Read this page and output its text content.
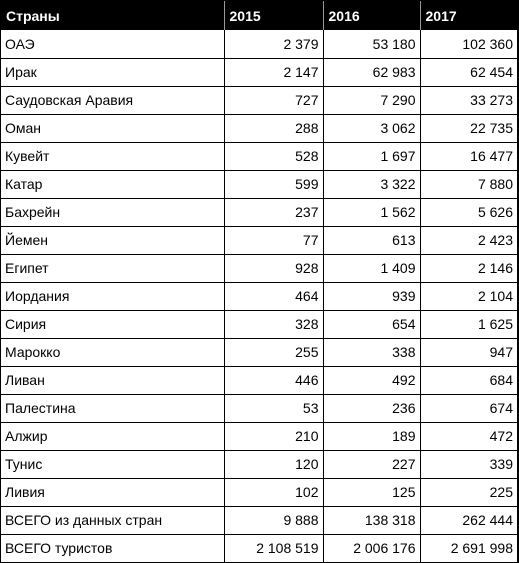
Страны	2015	2016	2017
ОАЭ	2 379	53 180	102 360
Ирак	2 147	62 983	62 454
Саудовская Аравия	727	7 290	33 273
Оман	288	3 062	22 735
Кувейт	528	1 697	16 477
Катар	599	3 322	7 880
Бахрейн	237	1 562	5 626
Йемен	77	613	2 423
Египет	928	1 409	2 146
Иордания	464	939	2 104
Сирия	328	654	1 625
Марокко	255	338	947
Ливан	446	492	684
Палестина	53	236	674
Алжир	210	189	472
Тунис	120	227	339
Ливия	102	125	225
ВСЕГО из данных стран	9 888	138 318	262 444
ВСЕГО туристов	2 108 519	2 006 176	2 691 998
